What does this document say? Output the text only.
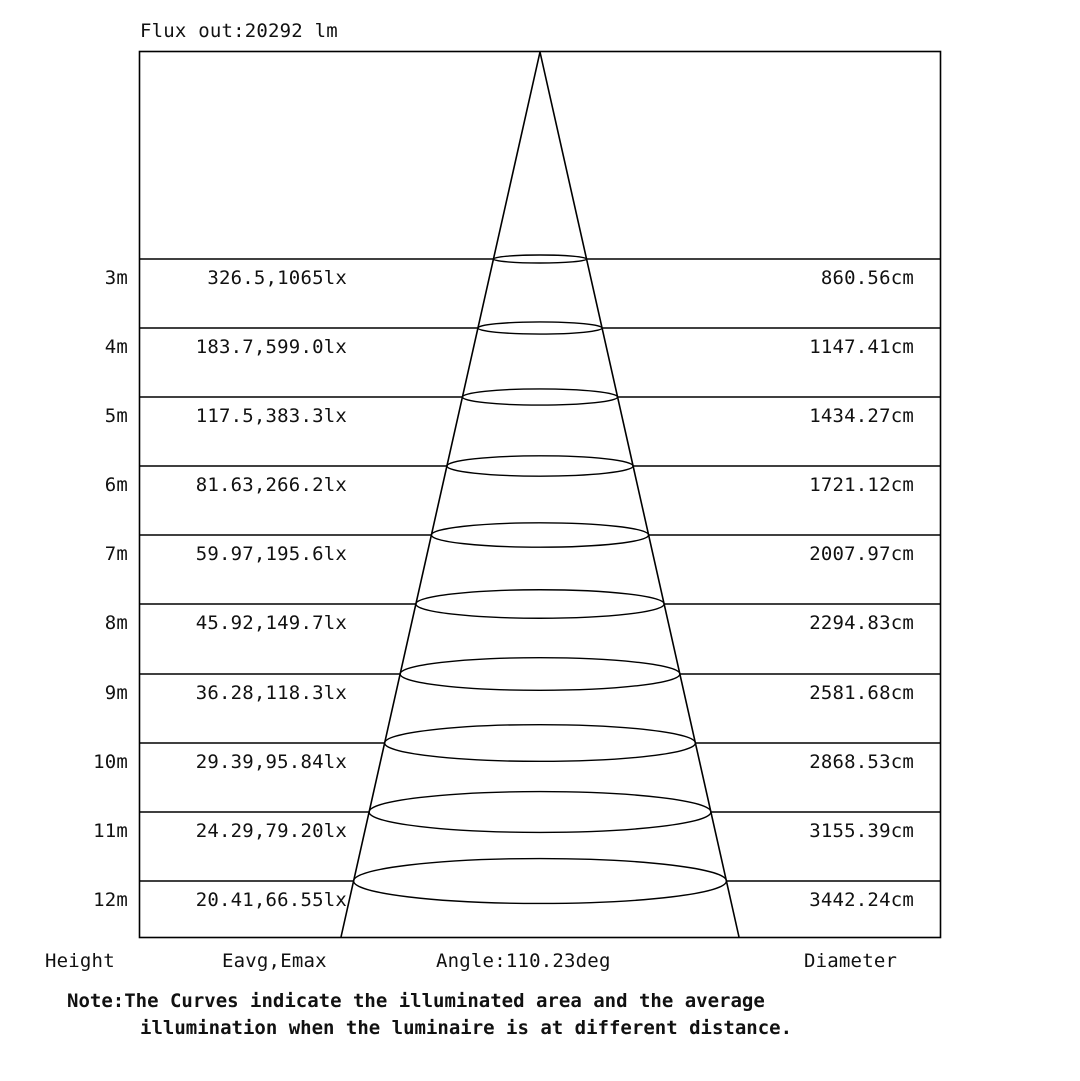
Flux out:20292 lm
3m	326.5,1065lx	860.56cm
4m	183.7,599.0lx	1147.41cm
5m	117.5,383.3lx	1434.27cm
6m	81.63,266.2lx	1721.12cm
7m	59.97,195.6lx	2007.97cm
8m	45.92,149.7lx	2294.83cm
9m	36.28,118.3lx	2581.68cm
10m	29.39,95.84lx	2868.53cm
11m	24.29,79.20lx	3155.39cm
12m	20.41,66.55lx	3442.24cm
Height	Eavg,Emax	Angle:110.23deg	Diameter
Note:The Curves indicate the illuminated area and the average
illumination when the luminaire is at different distance.
